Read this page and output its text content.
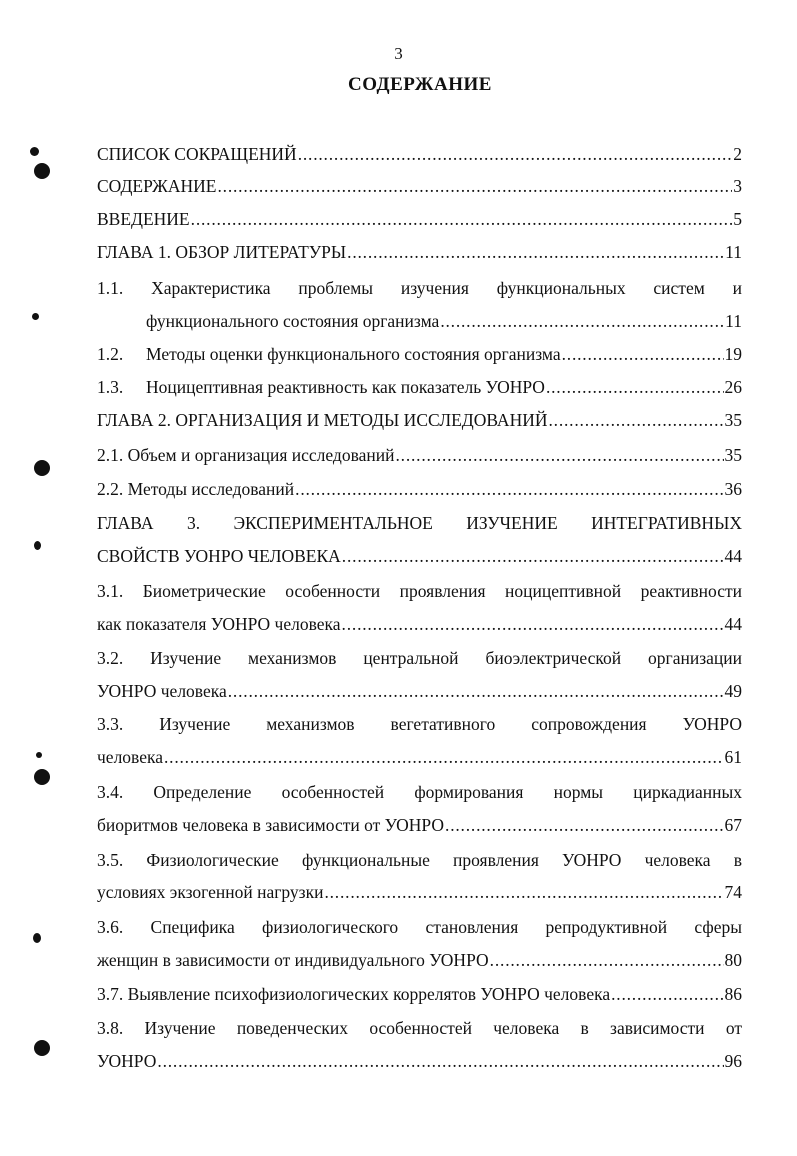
3
СОДЕРЖАНИЕ
СПИСОК СОКРАЩЕНИЙ .....	2
СОДЕРЖАНИЕ .....	3
ВВЕДЕНИЕ .....	5
ГЛАВА 1. ОБЗОР ЛИТЕРАТУРЫ .....	11
1.1. Характеристика проблемы изучения функциональных систем и
функционального состояния организма .....	11
1.2.	Методы оценки функционального состояния организма .....	19
1.3.	Ноцицептивная реактивность как показатель УОНРО .....	26
ГЛАВА 2. ОРГАНИЗАЦИЯ И МЕТОДЫ ИССЛЕДОВАНИЙ .....	35
2.1. Объем и организация исследований .....	35
2.2. Методы исследований .....	36
ГЛАВА 3. ЭКСПЕРИМЕНТАЛЬНОЕ ИЗУЧЕНИЕ ИНТЕГРАТИВНЫХ
СВОЙСТВ УОНРО ЧЕЛОВЕКА .....	44
3.1. Биометрические особенности проявления ноцицептивной реактивности
как показателя УОНРО человека .....	44
3.2. Изучение механизмов центральной биоэлектрической организации
УОНРО человека .....	49
3.3. Изучение механизмов вегетативного сопровождения УОНРО
человека .....	61
3.4. Определение особенностей формирования нормы циркадианных
биоритмов человека в зависимости от УОНРО .....	67
3.5. Физиологические функциональные проявления УОНРО человека в
условиях экзогенной нагрузки .....	74
3.6. Специфика физиологического становления репродуктивной сферы
женщин в зависимости от индивидуального УОНРО .....	80
3.7. Выявление психофизиологических коррелятов УОНРО человека .....	86
3.8. Изучение поведенческих особенностей человека в зависимости от
УОНРО .....	96
